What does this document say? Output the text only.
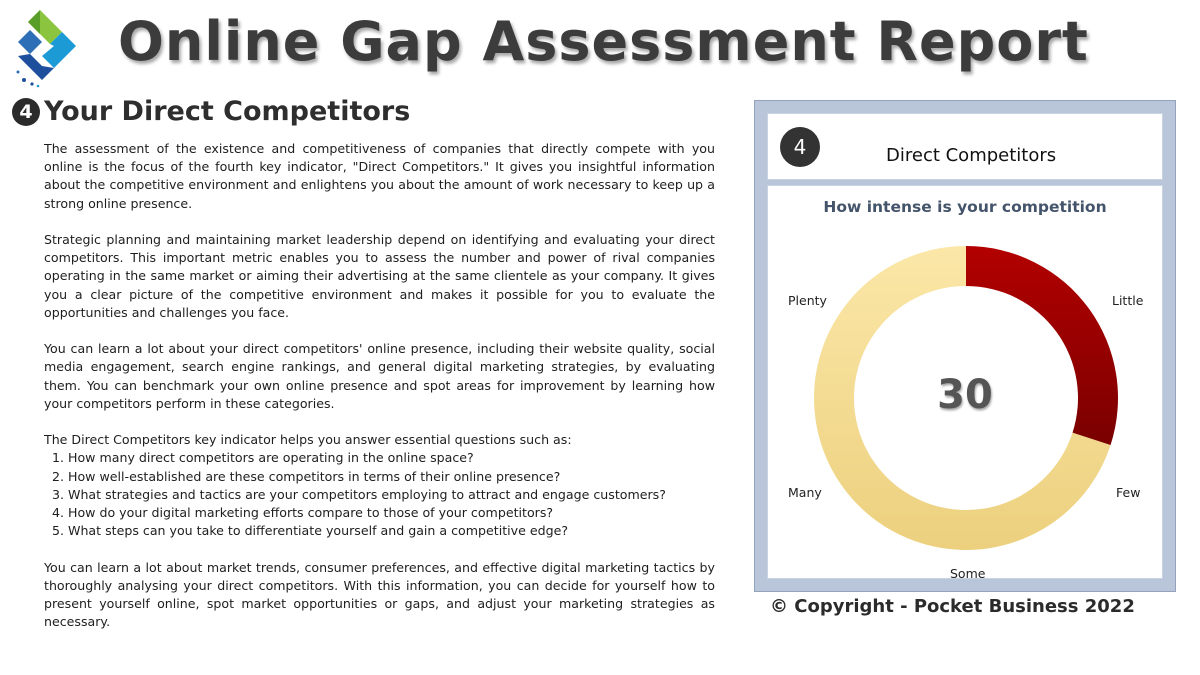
Online Gap Assessment Report
4 Your Direct Competitors

The assessment of the existence and competitiveness of companies that directly compete with you online is the focus of the fourth key indicator, "Direct Competitors." It gives you insightful information about the competitive environment and enlightens you about the amount of work necessary to keep up a strong online presence.

Strategic planning and maintaining market leadership depend on identifying and evaluating your direct competitors. This important metric enables you to assess the number and power of rival companies operating in the same market or aiming their advertising at the same clientele as your company. It gives you a clear picture of the competitive environment and makes it possible for you to evaluate the opportunities and challenges you face.

You can learn a lot about your direct competitors' online presence, including their website quality, social media engagement, search engine rankings, and general digital marketing strategies, by evaluating them. You can benchmark your own online presence and spot areas for improvement by learning how your competitors perform in these categories.

The Direct Competitors key indicator helps you answer essential questions such as:

1. How many direct competitors are operating in the online space?
2. How well-established are these competitors in terms of their online presence?
3. What strategies and tactics are your competitors employing to attract and engage customers?
4. How do your digital marketing efforts compare to those of your competitors?
5. What steps can you take to differentiate yourself and gain a competitive edge?

You can learn a lot about market trends, consumer preferences, and effective digital marketing tactics by thoroughly analysing your direct competitors. With this information, you can decide for yourself how to present yourself online, spot market opportunities or gaps, and adjust your marketing strategies as necessary.

4	Direct Competitors
How intense is your competition
Plenty	Little
Many	Few
Some
30
© Copyright - Pocket Business 2022
